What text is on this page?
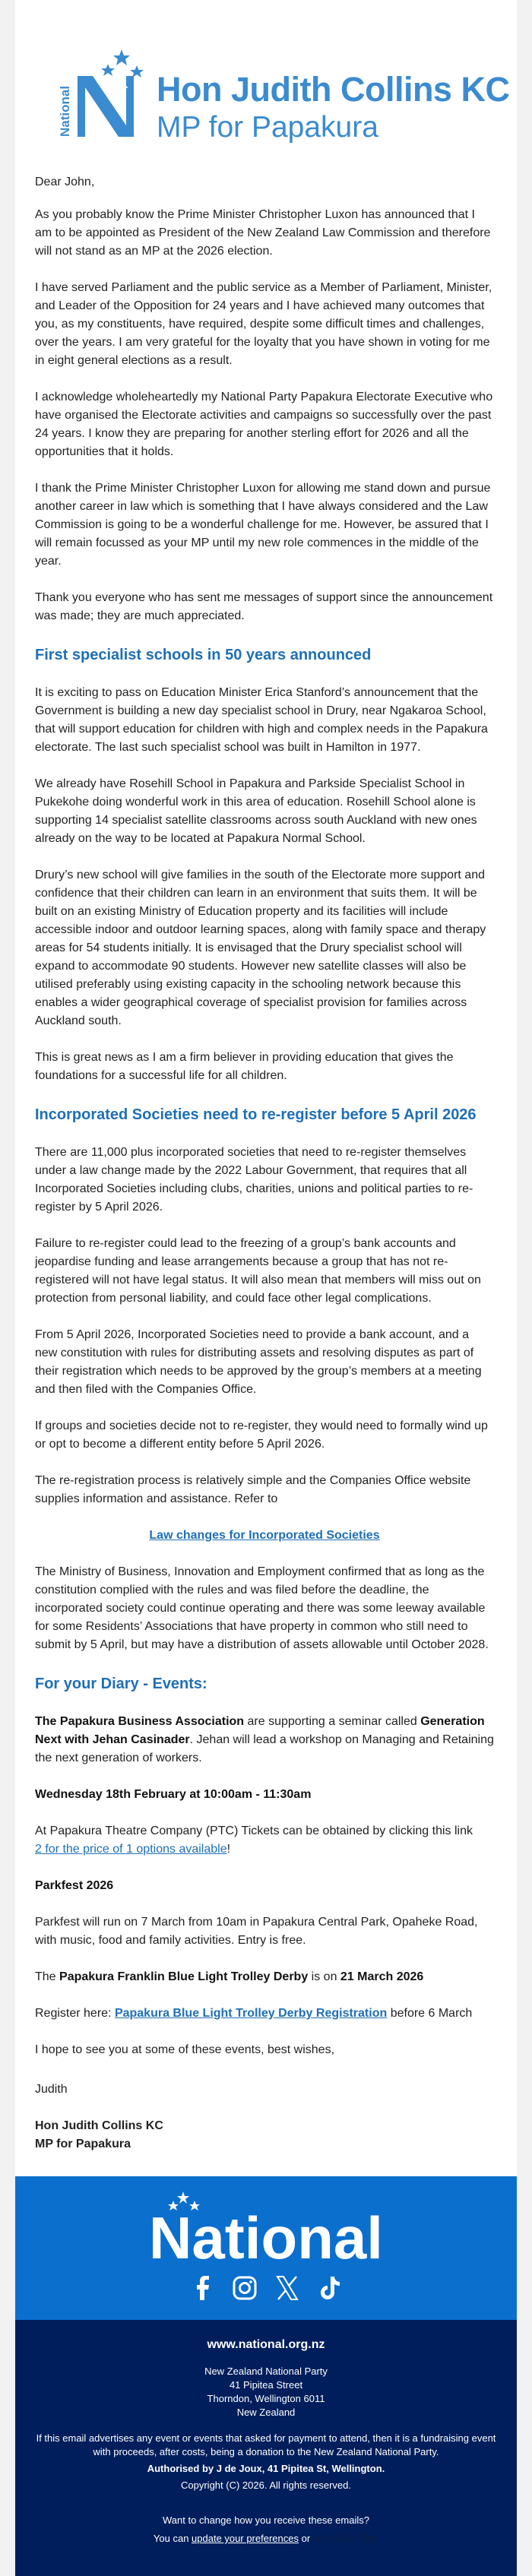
National Hon Judith Collins KC
MP for Papakura

Dear John,

As you probably know the Prime Minister Christopher Luxon has announced that I am to be appointed as President of the New Zealand Law Commission and therefore will not stand as an MP at the 2026 election.

I have served Parliament and the public service as a Member of Parliament, Minister, and Leader of the Opposition for 24 years and I have achieved many outcomes that you, as my constituents, have required, despite some difficult times and challenges, over the years. I am very grateful for the loyalty that you have shown in voting for me in eight general elections as a result.

I acknowledge wholeheartedly my National Party Papakura Electorate Executive who have organised the Electorate activities and campaigns so successfully over the past 24 years. I know they are preparing for another sterling effort for 2026 and all the opportunities that it holds.

I thank the Prime Minister Christopher Luxon for allowing me stand down and pursue another career in law which is something that I have always considered and the Law Commission is going to be a wonderful challenge for me. However, be assured that I will remain focussed as your MP until my new role commences in the middle of the year.

Thank you everyone who has sent me messages of support since the announcement was made; they are much appreciated.

First specialist schools in 50 years announced

It is exciting to pass on Education Minister Erica Stanford’s announcement that the Government is building a new day specialist school in Drury, near Ngakaroa School, that will support education for children with high and complex needs in the Papakura electorate. The last such specialist school was built in Hamilton in 1977.

We already have Rosehill School in Papakura and Parkside Specialist School in Pukekohe doing wonderful work in this area of education. Rosehill School alone is supporting 14 specialist satellite classrooms across south Auckland with new ones already on the way to be located at Papakura Normal School.

Drury’s new school will give families in the south of the Electorate more support and confidence that their children can learn in an environment that suits them. It will be built on an existing Ministry of Education property and its facilities will include accessible indoor and outdoor learning spaces, along with family space and therapy areas for 54 students initially. It is envisaged that the Drury specialist school will expand to accommodate 90 students. However new satellite classes will also be utilised preferably using existing capacity in the schooling network because this enables a wider geographical coverage of specialist provision for families across Auckland south.

This is great news as I am a firm believer in providing education that gives the foundations for a successful life for all children.

Incorporated Societies need to re-register before 5 April 2026

There are 11,000 plus incorporated societies that need to re-register themselves under a law change made by the 2022 Labour Government, that requires that all Incorporated Societies including clubs, charities, unions and political parties to re-register by 5 April 2026.

Failure to re-register could lead to the freezing of a group’s bank accounts and jeopardise funding and lease arrangements because a group that has not re-registered will not have legal status. It will also mean that members will miss out on protection from personal liability, and could face other legal complications.

From 5 April 2026, Incorporated Societies need to provide a bank account, and a new constitution with rules for distributing assets and resolving disputes as part of their registration which needs to be approved by the group’s members at a meeting and then filed with the Companies Office.

If groups and societies decide not to re-register, they would need to formally wind up or opt to become a different entity before 5 April 2026.

The re-registration process is relatively simple and the Companies Office website supplies information and assistance. Refer to

Law changes for Incorporated Societies

The Ministry of Business, Innovation and Employment confirmed that as long as the constitution complied with the rules and was filed before the deadline, the incorporated society could continue operating and there was some leeway available for some Residents’ Associations that have property in common who still need to submit by 5 April, but may have a distribution of assets allowable until October 2028.

For your Diary - Events:

The Papakura Business Association are supporting a seminar called Generation Next with Jehan Casinader. Jehan will lead a workshop on Managing and Retaining the next generation of workers.

Wednesday 18th February at 10:00am - 11:30am

At Papakura Theatre Company (PTC) Tickets can be obtained by clicking this link
2 for the price of 1 options available!

Parkfest 2026

Parkfest will run on 7 March from 10am in Papakura Central Park, Opaheke Road, with music, food and family activities. Entry is free.

The Papakura Franklin Blue Light Trolley Derby is on 21 March 2026

Register here: Papakura Blue Light Trolley Derby Registration before 6 March

I hope to see you at some of these events, best wishes,

Judith

Hon Judith Collins KC
MP for Papakura
National
www.national.org.nz
New Zealand National Party
41 Pipitea Street
Thorndon, Wellington 6011
New Zealand
If this email advertises any event or events that asked for payment to attend, then it is a fundraising event with proceeds, after costs, being a donation to the New Zealand National Party.
Authorised by J de Joux, 41 Pipitea St, Wellington.
Copyright (C) 2026. All rights reserved.
Want to change how you receive these emails?
You can update your preferences or unsubscribe
